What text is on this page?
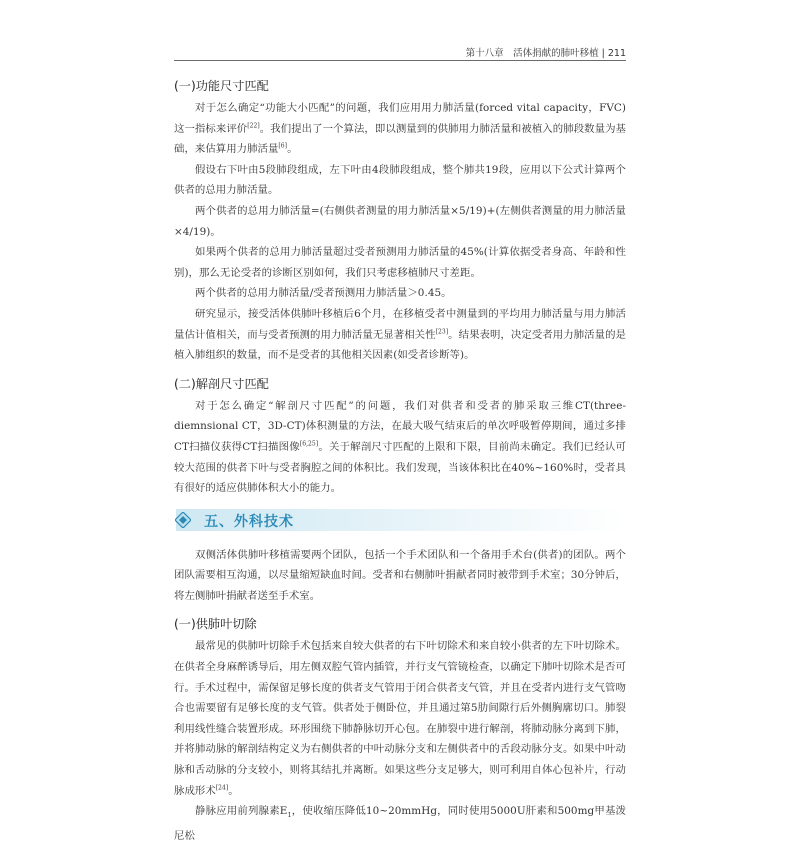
第十八章　活体捐献的肺叶移植 | 211
(一)功能尺寸匹配

对于怎么确定“功能大小匹配”的问题，我们应用用力肺活量(forced vital capacity，FVC)这一指标来评价[22]。我们提出了一个算法，即以测量到的供肺用力肺活量和被植入的肺段数量为基础，来估算用力肺活量[6]。

假设右下叶由5段肺段组成，左下叶由4段肺段组成，整个肺共19段，应用以下公式计算两个供者的总用力肺活量。

两个供者的总用力肺活量=(右侧供者测量的用力肺活量×5/19)+(左侧供者测量的用力肺活量×4/19)。

如果两个供者的总用力肺活量超过受者预测用力肺活量的45%(计算依据受者身高、年龄和性别)，那么无论受者的诊断区别如何，我们只考虑移植肺尺寸差距。

两个供者的总用力肺活量/受者预测用力肺活量＞0.45。

研究显示，接受活体供肺叶移植后6个月，在移植受者中测量到的平均用力肺活量与用力肺活量估计值相关，而与受者预测的用力肺活量无显著相关性[23]。结果表明，决定受者用力肺活量的是植入肺组织的数量，而不是受者的其他相关因素(如受者诊断等)。

(二)解剖尺寸匹配

对于怎么确定“解剖尺寸匹配”的问题，我们对供者和受者的肺采取三维CT(three-diemnsional CT，3D-CT)体积测量的方法，在最大吸气结束后的单次呼吸暂停期间，通过多排CT扫描仪获得CT扫描图像[6,25]。关于解剖尺寸匹配的上限和下限，目前尚未确定。我们已经认可较大范围的供者下叶与受者胸腔之间的体积比。我们发现，当该体积比在40%~160%时，受者具有很好的适应供肺体积大小的能力。

五、外科技术

双侧活体供肺叶移植需要两个团队，包括一个手术团队和一个备用手术台(供者)的团队。两个团队需要相互沟通，以尽量缩短缺血时间。受者和右侧肺叶捐献者同时被带到手术室；30分钟后，将左侧肺叶捐献者送至手术室。

(一)供肺叶切除

最常见的供肺叶切除手术包括来自较大供者的右下叶切除术和来自较小供者的左下叶切除术。在供者全身麻醉诱导后，用左侧双腔气管内插管，并行支气管镜检查，以确定下肺叶切除术是否可行。手术过程中，需保留足够长度的供者支气管用于闭合供者支气管，并且在受者内进行支气管吻合也需要留有足够长度的支气管。供者处于侧卧位，并且通过第5肋间隙行后外侧胸廓切口。肺裂利用线性缝合装置形成。环形围绕下肺静脉切开心包。在肺裂中进行解剖，将肺动脉分离到下肺，并将肺动脉的解剖结构定义为右侧供者的中叶动脉分支和左侧供者中的舌段动脉分支。如果中叶动脉和舌动脉的分支较小，则将其结扎并离断。如果这些分支足够大，则可利用自体心包补片，行动脉成形术[24]。

静脉应用前列腺素$E_1$，使收缩压降低10~20mmHg，同时使用5000U肝素和500mg甲基泼尼松
